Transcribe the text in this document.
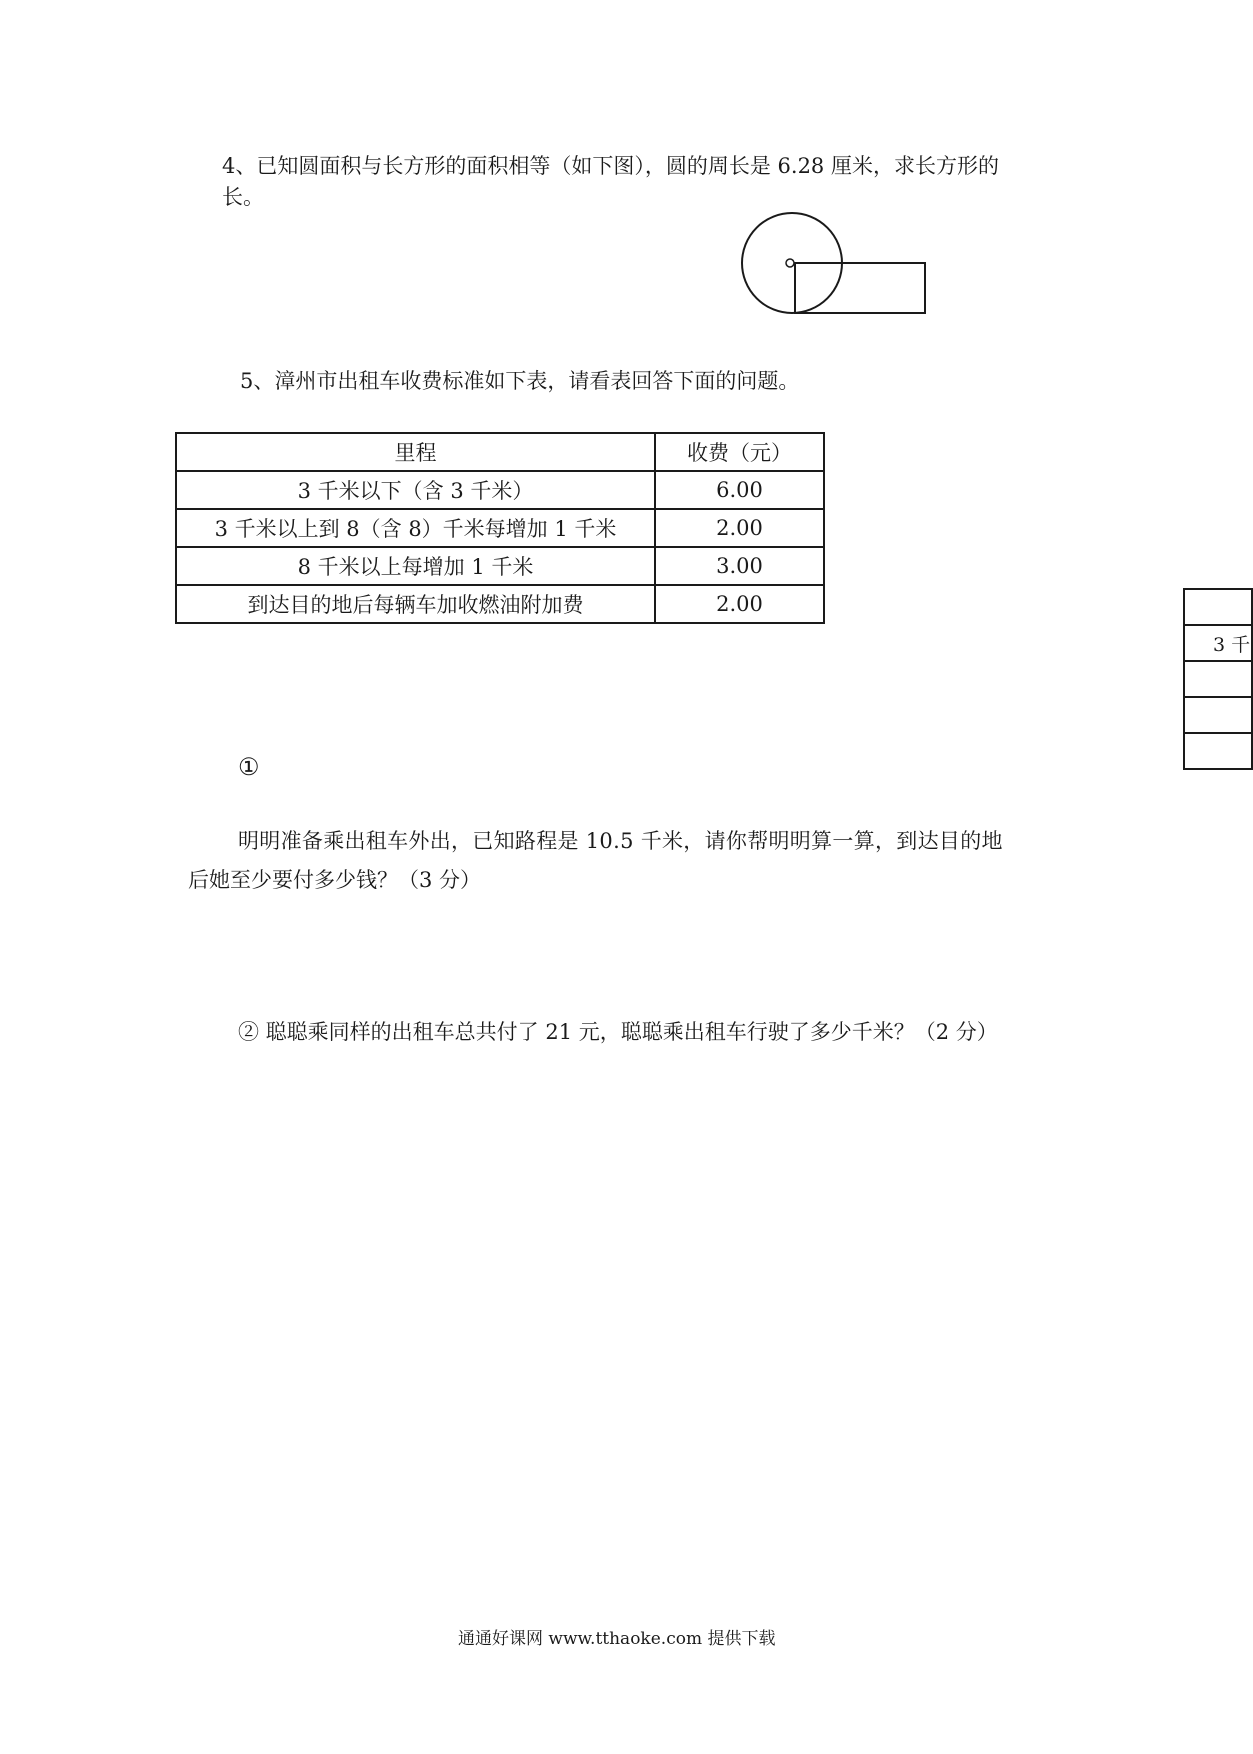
4、已知圆面积与长方形的面积相等（如下图），圆的周长是 6.28 厘米，求长方形的
长。
5、漳州市出租车收费标准如下表，请看表回答下面的问题。
里程	收费（元）
3 千米以下（含 3 千米）	6.00
3 千米以上到 8（含 8）千米每增加 1 千米	2.00
8 千米以上每增加 1 千米	3.00
到达目的地后每辆车加收燃油附加费	2.00

3 千

①
明明准备乘出租车外出，已知路程是 10.5 千米，请你帮明明算一算，到达目的地
后她至少要付多少钱？（3 分）
② 聪聪乘同样的出租车总共付了 21 元，聪聪乘出租车行驶了多少千米？（2 分）
通通好课网 www.tthaoke.com 提供下载
